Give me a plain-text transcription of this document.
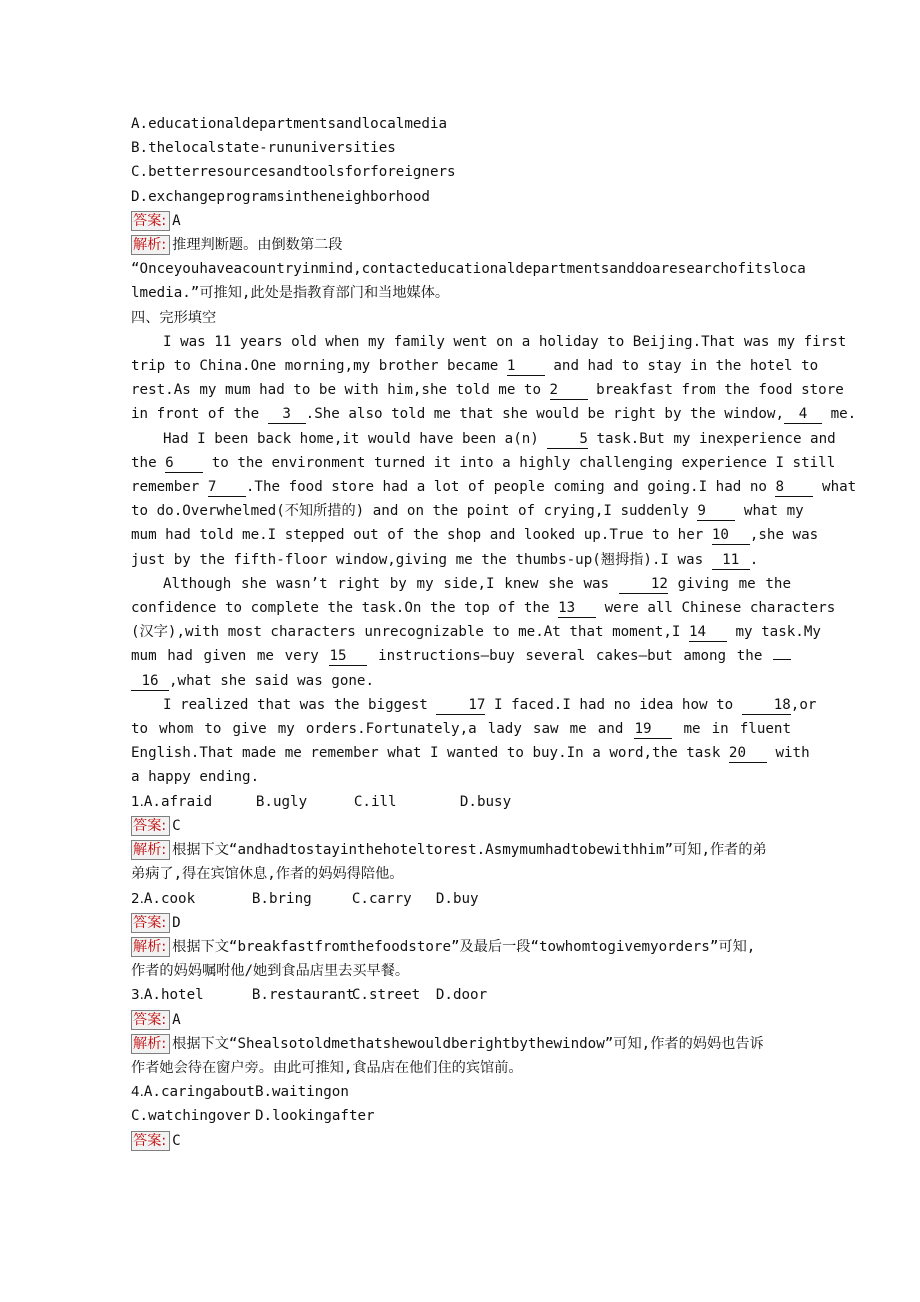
A.educationaldepartmentsandlocalmedia
B.thelocalstate-rununiversities
C.betterresourcesandtoolsforforeigners
D.exchangeprogramsintheneighborhood
答案: A
解析: 推理判断题。由倒数第二段
“Onceyouhaveacountryinmind,contacteducationaldepartmentsanddoaresearchofitsloca
lmedia.”可推知,此处是指教育部门和当地媒体。
四、完形填空
I was 11 years old when my family went on a holiday to Beijing.That was my first
trip to China.One morning,my brother became 1	and had to stay in the hotel to
rest.As my mum had to be with him,she told me to 2	breakfast from the food store
in front of the 3 .She also told me that she would be right by the window, 4 me.
Had I been back home,it would have been a(n)	5 task.But my inexperience and
the 6	to the environment turned it into a highly challenging experience I still
remember 7 .The food store had a lot of people coming and going.I had no 8	what
to do.Overwhelmed(不知所措的) and on the point of crying,I suddenly 9	what my
mum had told me.I stepped out of the shop and looked up.True to her 10 ,she was
just by the fifth-floor window,giving me the thumbs-up(翘拇指).I was 11 .
Although she wasn’t right by my side,I knew she was	12 giving me the
confidence to complete the task.On the top of the 13 were all Chinese characters
(汉字),with most characters unrecognizable to me.At that moment,I 14 my task.My
mum had given me very 15 instructions—buy several cakes—but among the
16 ,what she said was gone.
I realized that was the biggest	17 I faced.I had no idea how to	18,or
to whom to give my orders.Fortunately,a lady saw me and 19 me in fluent
English.That made me remember what I wanted to buy.In a word,the task 20 with
a happy ending.
1.A.afraid	B.ugly	C.ill	D.busy
答案: C
解析: 根据下文“andhadtostayinthehoteltorest.Asmymumhadtobewithhim”可知,作者的弟
弟病了,得在宾馆休息,作者的妈妈得陪他。
2.A.cook	B.bring	C.carry D.buy
答案: D
解析: 根据下文“breakfastfromthefoodstore”及最后一段“towhomtogivemyorders”可知,
作者的妈妈嘱咐他/她到食品店里去买早餐。
3.A.hotel	B.restaurantC.street D.door
答案: A
解析: 根据下文“Shealsotoldmethatshewouldberightbythewindow”可知,作者的妈妈也告诉
作者她会待在窗户旁。由此可推知,食品店在他们住的宾馆前。
4.A.caringaboutB.waitingon
C.watchingover D.lookingafter
答案: C
